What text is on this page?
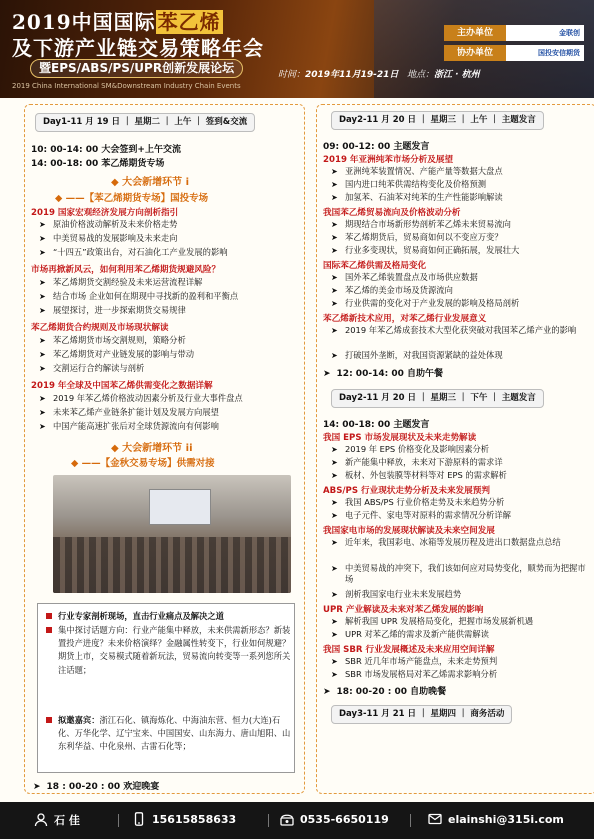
2019中国国际 苯乙烯
及下游产业链交易策略年会
暨EPS/ABS/PS/UPR创新发展论坛
2019 China International SM&Downstream Industry Chain Events
时间：2019年11月19-21日 地点：浙江 · 杭州
主办单位	金联创
协办单位	国投安信期货
Day1-11 月 19 日 ｜ 星期二 ｜ 上午 ｜ 签到&交流
10: 00-14: 00 大会签到+上午交流
14: 00-18: 00 苯乙烯期货专场
◆ 大会新增环节 i
◆ ——【苯乙烯期货专场】国投专场
2019 国家宏观经济发展方向剖析指引
➤ 原油价格波动解析及未来价格走势
➤ 中美贸易战的发展影响及未来走向
➤ “十四五”政策出台，对石油化工产业发展的影响
市场再掀新风云，如何利用苯乙烯期货规避风险？
➤ 苯乙烯期货交割经验及未来运营流程详解
➤ 结合市场 企业如何在期现中寻找新的盈利和平衡点
➤ 展望探讨，进一步探索期货交易规律
苯乙烯期货合约规则及市场现状解读
➤ 苯乙烯期货市场交割规则，策略分析
➤ 苯乙烯期货对产业链发展的影响与带动
➤ 交割运行合约解读与剖析
2019 年全球及中国苯乙烯供需变化之数据详解
➤ 2019 年苯乙烯价格波动因素分析及行业大事件盘点
➤ 未来苯乙烯产业链条扩能计划及发展方向展望
➤ 中国产能高速扩张后对全球货源流向有何影响
◆ 大会新增环节 ii
◆ ——【金秋交易专场】供需对接

行业专家剖析现场，直击行业痛点及解决之道

集中探讨话题方向：行业产能集中释放，未来供需新形态？新装置投产进度？未来价格演绎？金融属性转变下，行业如何规避？期货上市，交易模式随着新玩法，贸易流向转变等一系列您所关注话题；

拟邀嘉宾：浙江石化、镇海炼化、中海油东营、恒力(大连)石化、万华化学、辽宁宝来、中国国安、山东海力、唐山旭阳、山东利华益、中化泉州、古雷石化等；

➤ 18 : 00-20 : 00 欢迎晚宴
Day2-11 月 20 日 ｜ 星期三 ｜ 上午 ｜ 主题发言
09: 00-12: 00 主题发言
2019 年亚洲纯苯市场分析及展望
➤ 亚洲纯苯装置情况、产能产量等数据大盘点
➤ 国内进口纯苯供需结构变化及价格预测
➤ 加氢苯、石油苯对纯苯的生产性能影响解读
我国苯乙烯贸易流向及价格波动分析
➤ 期现结合市场新形势剖析苯乙烯未来贸易流向
➤ 苯乙烯期货后，贸易商如何以不变应万变？
➤ 行业多变现状，贸易商如何正确拓展，发展壮大
国际苯乙烯供需及格局变化
➤ 国外苯乙烯装置盘点及市场供应数据
➤ 苯乙烯的美金市场及货源流向
➤ 行业供需的变化对于产业发展的影响及格局剖析
苯乙烯新技术应用，对苯乙烯行业发展意义
➤ 2019 年苯乙烯成套技术大型化获突破对我国苯乙烯产业的影响
➤ 打破国外垄断，对我国资源紧缺的益处体现
➤ 12: 00-14: 00 自助午餐
Day2-11 月 20 日 ｜ 星期三 ｜ 下午 ｜ 主题发言
14: 00-18: 00 主题发言
我国 EPS 市场发展现状及未来走势解读
➤ 2019 年 EPS 价格变化及影响因素分析
➤ 新产能集中释放，未来对下游原料的需求详
➤ 板材、外包装膜等材料等对 EPS 的需求解析
ABS/PS 行业现状走势分析及未来发展预判
➤ 我国 ABS/PS 行业价格走势及未来趋势分析
➤ 电子元件、家电等对原料的需求情况分析详解
我国家电市场的发展现状解读及未来空间发展
➤ 近年来，我国彩电、冰箱等发展历程及进出口数据盘点总结
➤ 中美贸易战的冲突下，我们该如何应对局势变化，顺势而为把握市场
➤ 剖析我国家电行业未来发展趋势
UPR 产业解读及未来对苯乙烯发展的影响
➤ 解析我国 UPR 发展格局变化，把握市场发展新机遇
➤ UPR 对苯乙烯的需求及新产能供需解读
我国 SBR 行业发展概述及未来应用空间详解
➤ SBR 近几年市场产能盘点，未来走势预判
➤ SBR 市场发展格局对苯乙烯需求影响分析
➤ 18: 00-20 : 00 自助晚餐
Day3-11 月 21 日 ｜ 星期四 ｜ 商务活动
石 佳	15615858633	0535-6650119	elainshi@315i.com
